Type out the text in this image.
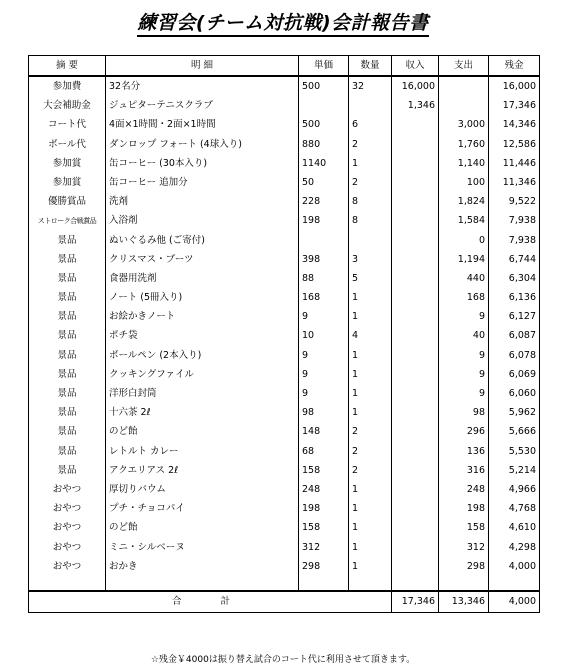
練習会(チーム対抗戦)会計報告書
摘 要	明 細	単価	数量	収入	支出	残金
参加費	32名分	500	32	16,000		16,000
大会補助金	ジュピターテニスクラブ			1,346		17,346
コート代	4面×1時間・2面×1時間	500	6		3,000	14,346
ボール代	ダンロップ フォート (4球入り)	880	2		1,760	12,586
参加賞	缶コーヒー (30本入り)	1140	1		1,140	11,446
参加賞	缶コーヒー 追加分	50	2		100	11,346
優勝賞品	洗剤	228	8		1,824	9,522
ストローク合戦賞品	入浴剤	198	8		1,584	7,938
景品	ぬいぐるみ他 (ご寄付)				0	7,938
景品	クリスマス・ブーツ	398	3		1,194	6,744
景品	食器用洗剤	88	5		440	6,304
景品	ノート (5冊入り)	168	1		168	6,136
景品	お絵かきノート	9	1		9	6,127
景品	ポチ袋	10	4		40	6,087
景品	ボールペン (2本入り)	9	1		9	6,078
景品	クッキングファイル	9	1		9	6,069
景品	洋形白封筒	9	1		9	6,060
景品	十六茶 2ℓ	98	1		98	5,962
景品	のど飴	148	2		296	5,666
景品	レトルト カレー	68	2		136	5,530
景品	アクエリアス 2ℓ	158	2		316	5,214
おやつ	厚切りバウム	248	1		248	4,966
おやつ	プチ・チョコパイ	198	1		198	4,768
おやつ	のど飴	158	1		158	4,610
おやつ	ミニ・シルベーヌ	312	1		312	4,298
おやつ	おかき	298	1		298	4,000

合 計				17,346	13,346	4,000
☆残金￥4000は振り替え試合のコート代に利用させて頂きます。
